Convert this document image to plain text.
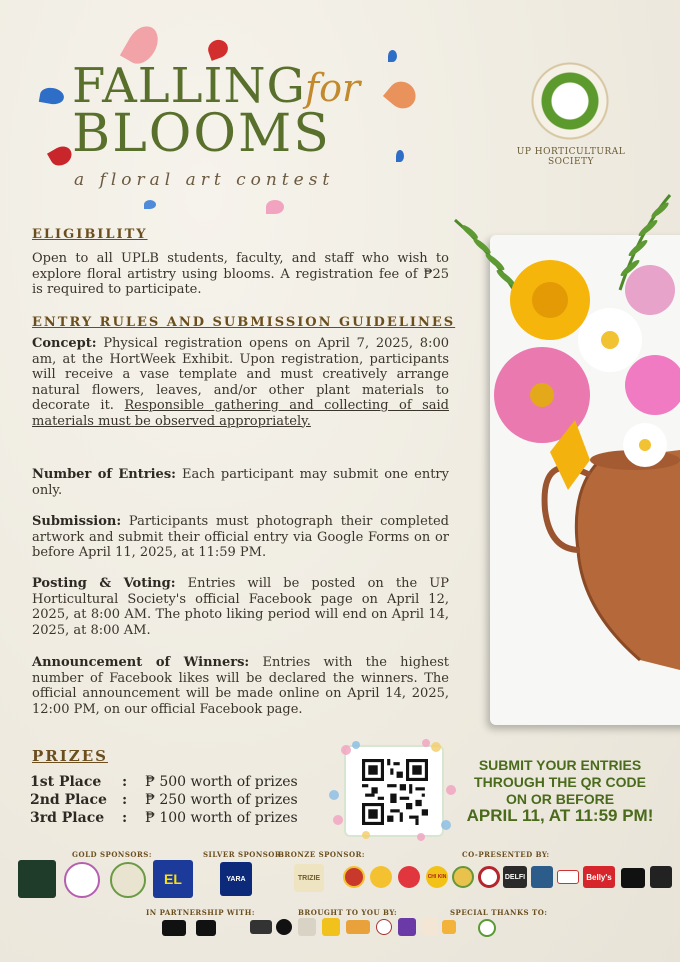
FALLING for
BLOOMS
a floral art contest
UP HORTICULTURAL SOCIETY
ELIGIBILITY
Open to all UPLB students, faculty, and staff who wish to explore floral artistry using blooms. A registration fee of ₱25 is required to participate.
ENTRY RULES AND SUBMISSION GUIDELINES
Concept: Physical registration opens on April 7, 2025, 8:00 am, at the HortWeek Exhibit. Upon registration, participants will receive a vase template and must creatively arrange natural flowers, leaves, and/or other plant materials to decorate it. Responsible gathering and collecting of said materials must be observed appropriately.
Number of Entries: Each participant may submit one entry only.
Submission: Participants must photograph their completed artwork and submit their official entry via Google Forms on or before April 11, 2025, at 11:59 PM.
Posting & Voting: Entries will be posted on the UP Horticultural Society's official Facebook page on April 12, 2025, at 8:00 AM. The photo liking period will end on April 14, 2025, at 8:00 AM.
Announcement of Winners: Entries with the highest number of Facebook likes will be declared the winners. The official announcement will be made online on April 14, 2025, 12:00 PM, on our official Facebook page.
PRIZES
1st Place :	₱ 500 worth of prizes
2nd Place :	₱ 250 worth of prizes
3rd Place :	₱ 100 worth of prizes
SUBMIT YOUR ENTRIES
THROUGH THE QR CODE
ON OR BEFORE
APRIL 11, AT 11:59 PM!
GOLD SPONSORS:	SILVER SPONSOR:
BRONZE SPONSOR:	CO-PRESENTED BY:
IN PARTNERSHIP WITH:	BROUGHT TO YOU BY:	SPECIAL THANKS TO:
EL	YARA	TRIZIE	CHI KIN	DELFI	Belly's
